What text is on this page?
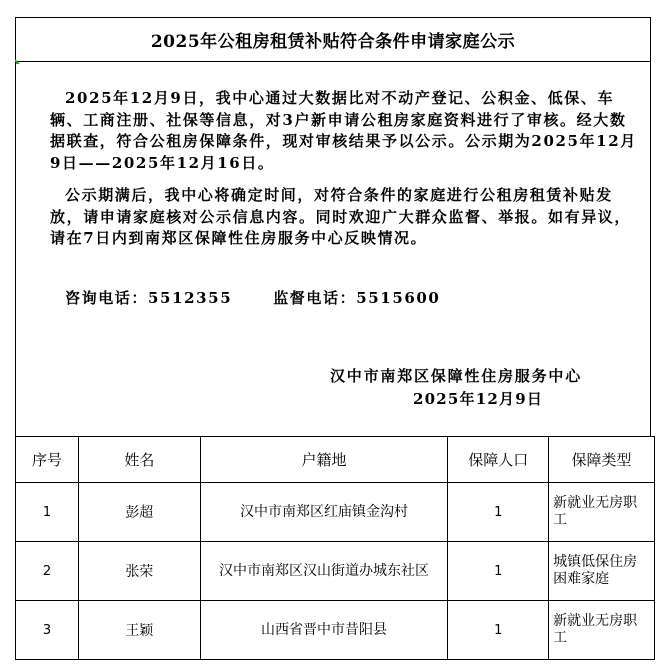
2025年公租房租赁补贴符合条件申请家庭公示

2025年12月9日，我中心通过大数据比对不动产登记、公积金、低保、车辆、工商注册、社保等信息，对3户新申请公租房家庭资料进行了审核。经大数据联查，符合公租房保障条件，现对审核结果予以公示。公示期为2025年12月9日——2025年12月16日。

公示期满后，我中心将确定时间，对符合条件的家庭进行公租房租赁补贴发放，请申请家庭核对公示信息内容。同时欢迎广大群众监督、举报。如有异议，请在7日内到南郑区保障性住房服务中心反映情况。

咨询电话：5512355	监督电话：5515600
汉中市南郑区保障性住房服务中心
2025年12月9日
序号	姓名	户籍地	保障人口	保障类型
1	彭超	汉中市南郑区红庙镇金沟村	1	新就业无房职工
2	张荣	汉中市南郑区汉山街道办城东社区	1	城镇低保住房困难家庭
3	王颖	山西省晋中市昔阳县	1	新就业无房职工
